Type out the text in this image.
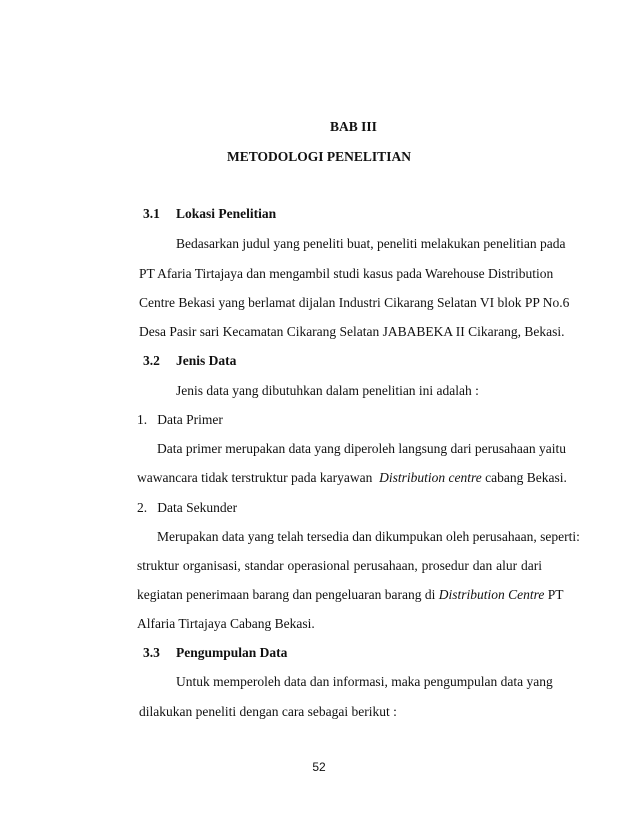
BAB III
METODOLOGI PENELITIAN
3.1 Lokasi Penelitian
Bedasarkan judul yang peneliti buat, peneliti melakukan penelitian pada
PT Afaria Tirtajaya dan mengambil studi kasus pada Warehouse Distribution
Centre Bekasi yang berlamat dijalan Industri Cikarang Selatan VI blok PP No.6
Desa Pasir sari Kecamatan Cikarang Selatan JABABEKA II Cikarang, Bekasi.
3.2 Jenis Data
Jenis data yang dibutuhkan dalam penelitian ini adalah :
1.   Data Primer
Data primer merupakan data yang diperoleh langsung dari perusahaan yaitu
wawancara tidak terstruktur pada karyawan  Distribution centre cabang Bekasi.
2.   Data Sekunder
Merupakan data yang telah tersedia dan dikumpukan oleh perusahaan, seperti:
struktur organisasi, standar operasional perusahaan, prosedur dan alur dari
kegiatan penerimaan barang dan pengeluaran barang di Distribution Centre PT
Alfaria Tirtajaya Cabang Bekasi.
3.3 Pengumpulan Data
Untuk memperoleh data dan informasi, maka pengumpulan data yang
dilakukan peneliti dengan cara sebagai berikut :
52
